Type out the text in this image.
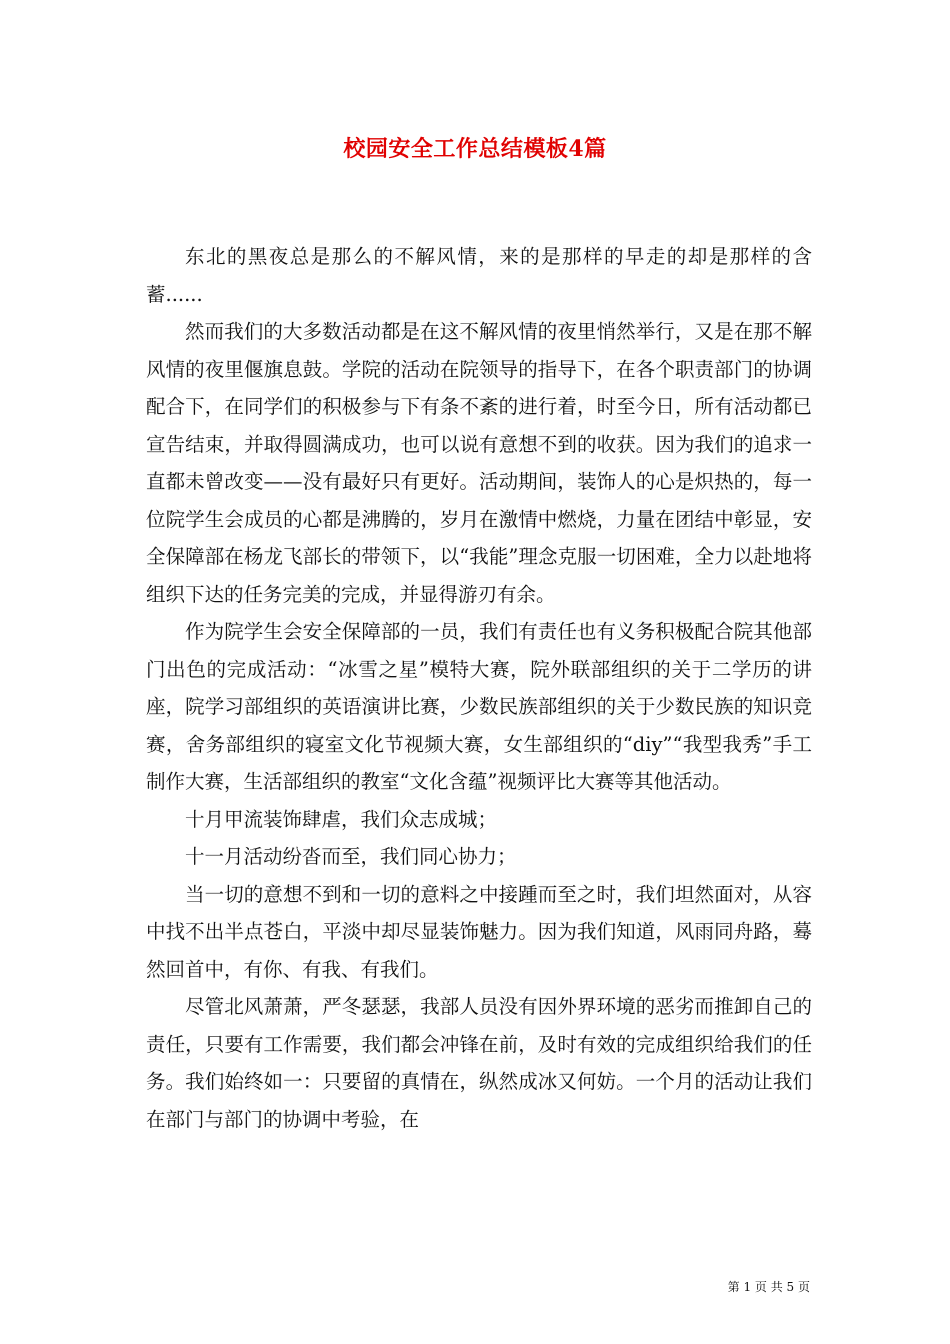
校园安全工作总结模板4篇

东北的黑夜总是那么的不解风情，来的是那样的早走的却是那样的含蓄......

然而我们的大多数活动都是在这不解风情的夜里悄然举行，又是在那不解风情的夜里偃旗息鼓。学院的活动在院领导的指导下，在各个职责部门的协调配合下，在同学们的积极参与下有条不紊的进行着，时至今日，所有活动都已宣告结束，并取得圆满成功，也可以说有意想不到的收获。因为我们的追求一直都未曾改变——没有最好只有更好。活动期间，装饰人的心是炽热的，每一位院学生会成员的心都是沸腾的，岁月在激情中燃烧，力量在团结中彰显，安全保障部在杨龙飞部长的带领下，以“我能”理念克服一切困难，全力以赴地将组织下达的任务完美的完成，并显得游刃有余。

作为院学生会安全保障部的一员，我们有责任也有义务积极配合院其他部门出色的完成活动：“冰雪之星”模特大赛，院外联部组织的关于二学历的讲座，院学习部组织的英语演讲比赛，少数民族部组织的关于少数民族的知识竞赛，舍务部组织的寝室文化节视频大赛，女生部组织的“diy”“我型我秀”手工制作大赛，生活部组织的教室“文化含蕴”视频评比大赛等其他活动。

十月甲流装饰肆虐，我们众志成城；

十一月活动纷沓而至，我们同心协力；

当一切的意想不到和一切的意料之中接踵而至之时，我们坦然面对，从容中找不出半点苍白，平淡中却尽显装饰魅力。因为我们知道，风雨同舟路，蓦然回首中，有你、有我、有我们。

尽管北风萧萧，严冬瑟瑟，我部人员没有因外界环境的恶劣而推卸自己的责任，只要有工作需要，我们都会冲锋在前，及时有效的完成组织给我们的任务。我们始终如一：只要留的真情在，纵然成冰又何妨。一个月的活动让我们在部门与部门的协调中考验，在

第 1 页 共 5 页
